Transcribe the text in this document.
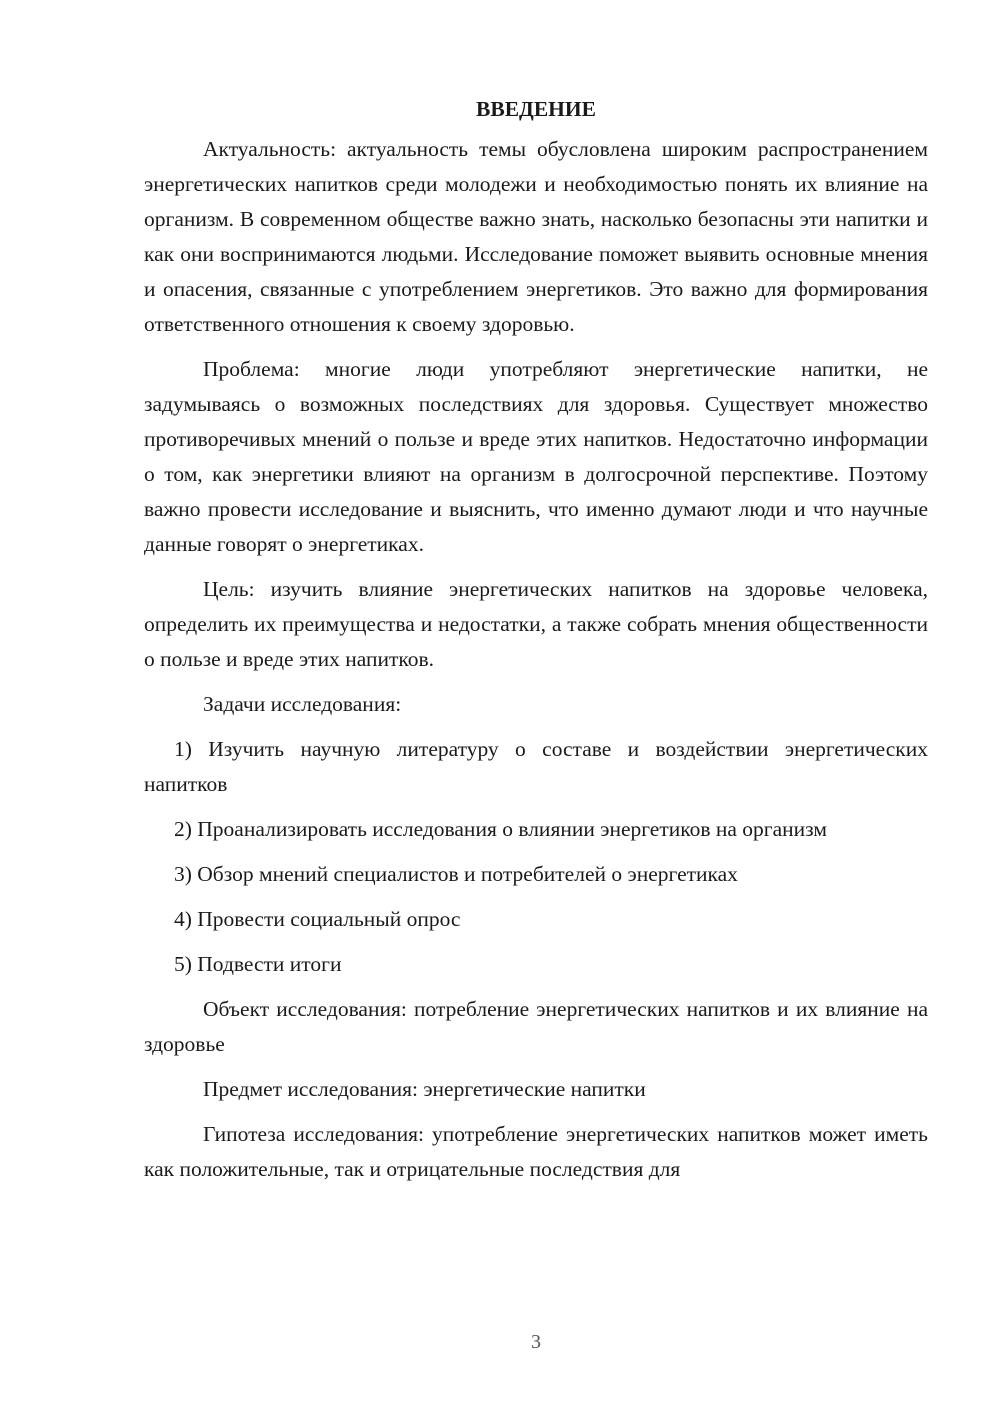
ВВЕДЕНИЕ

Актуальность: актуальность темы обусловлена широким распространением энергетических напитков среди молодежи и необходимостью понять их влияние на организм. В современном обществе важно знать, насколько безопасны эти напитки и как они воспринимаются людьми. Исследование поможет выявить основные мнения и опасения, связанные с употреблением энергетиков. Это важно для формирования ответственного отношения к своему здоровью.

Проблема: многие люди употребляют энергетические напитки, не задумываясь о возможных последствиях для здоровья. Существует множество противоречивых мнений о пользе и вреде этих напитков. Недостаточно информации о том, как энергетики влияют на организм в долгосрочной перспективе. Поэтому важно провести исследование и выяснить, что именно думают люди и что научные данные говорят о энергетиках.

Цель: изучить влияние энергетических напитков на здоровье человека, определить их преимущества и недостатки, а также собрать мнения общественности о пользе и вреде этих напитков.

Задачи исследования:

1) Изучить научную литературу о составе и воздействии энергетических напитков

2) Проанализировать исследования о влиянии энергетиков на организм

3) Обзор мнений специалистов и потребителей о энергетиках

4) Провести социальный опрос

5) Подвести итоги

Объект исследования: потребление энергетических напитков и их влияние на здоровье

Предмет исследования: энергетические напитки

Гипотеза исследования: употребление энергетических напитков может иметь как положительные, так и отрицательные последствия для

3
